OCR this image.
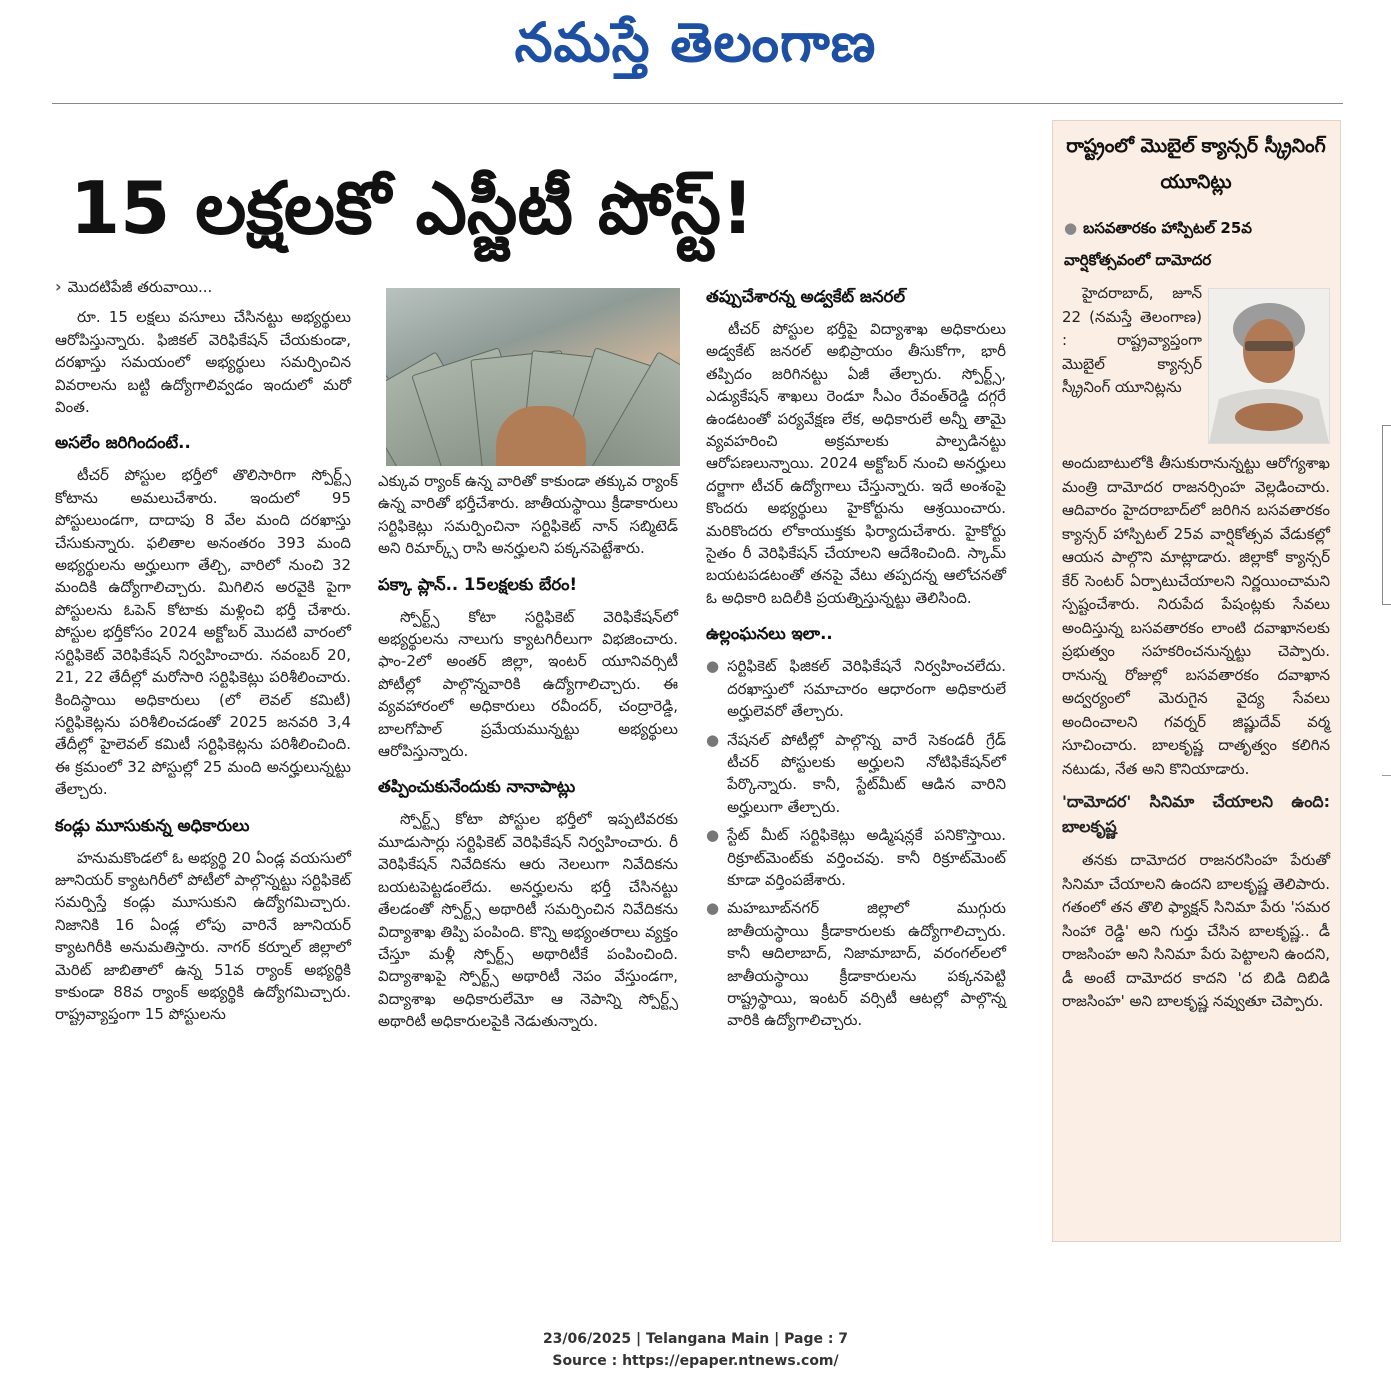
నమస్తే తెలంగాణ
15 లక్షలకో ఎస్జీటీ పోస్ట్!
› మొదటిపేజీ తరువాయి...

రూ. 15 లక్షలు వసూలు చేసినట్టు అభ్యర్థులు ఆరోపిస్తున్నారు. ఫిజికల్ వెరిఫికేషన్ చేయకుండా, దరఖాస్తు సమయంలో అభ్యర్థులు సమర్పించిన వివరాలను బట్టి ఉద్యోగాలివ్వడం ఇందులో మరో వింత.

అసలేం జరిగిందంటే..

టీచర్ పోస్టుల భర్తీలో తొలిసారిగా స్పోర్ట్స్ కోటాను అమలుచేశారు. ఇందులో 95 పోస్టులుండగా, దాదాపు 8 వేల మంది దరఖాస్తు చేసుకున్నారు. ఫలితాల అనంతరం 393 మంది అభ్యర్థులను అర్హులుగా తేల్చి, వారిలో నుంచి 32 మందికి ఉద్యోగాలిచ్చారు. మిగిలిన అరవైకి పైగా పోస్టులను ఓపెన్ కోటాకు మళ్లించి భర్తీ చేశారు. పోస్టుల భర్తీకోసం 2024 అక్టోబర్ మొదటి వారంలో సర్టిఫికెట్ వెరిఫికేషన్ నిర్వహించారు. నవంబర్ 20, 21, 22 తేదీల్లో మరోసారి సర్టిఫికెట్లు పరిశీలించారు. కిందిస్థాయి అధికారులు (లో లెవల్ కమిటీ) సర్టిఫికెట్లను పరిశీలించడంతో 2025 జనవరి 3,4 తేదీల్లో హైలెవల్ కమిటీ సర్టిఫికెట్లను పరిశీలించింది. ఈ క్రమంలో 32 పోస్టుల్లో 25 మంది అనర్హులున్నట్టు తేల్చారు.

కండ్లు మూసుకున్న అధికారులు

హనుమకొండలో ఓ అభ్యర్థి 20 ఏండ్ల వయసులో జూనియర్ క్యాటగిరీలో పోటీలో పాల్గొన్నట్టు సర్టిఫికెట్ సమర్పిస్తే కండ్లు మూసుకుని ఉద్యోగమిచ్చారు. నిజానికి 16 ఏండ్ల లోపు వారినే జూనియర్ క్యాటగిరీకి అనుమతిస్తారు. నాగర్ కర్నూల్ జిల్లాలో మెరిట్ జాబితాలో ఉన్న 51వ ర్యాంక్ అభ్యర్థికి కాకుండా 88వ ర్యాంక్ అభ్యర్థికి ఉద్యోగమిచ్చారు. రాష్ట్రవ్యాప్తంగా 15 పోస్టులను

ఎక్కువ ర్యాంక్ ఉన్న వారితో కాకుండా తక్కువ ర్యాంక్ ఉన్న వారితో భర్తీచేశారు. జాతీయస్థాయి క్రీడాకారులు సర్టిఫికెట్లు సమర్పించినా సర్టిఫికెట్ నాన్ సబ్మిటెడ్ అని రిమార్క్స్ రాసి అనర్హులని పక్కనపెట్టేశారు.

పక్కా ప్లాన్.. 15లక్షలకు బేరం!

స్పోర్ట్స్ కోటా సర్టిఫికెట్ వెరిఫికేషన్‌లో అభ్యర్థులను నాలుగు క్యాటగిరీలుగా విభజించారు. ఫాం-2లో అంతర్ జిల్లా, ఇంటర్ యూనివర్సిటీ పోటీల్లో పాల్గొన్నవారికి ఉద్యోగాలిచ్చారు. ఈ వ్యవహారంలో అధికారులు రవీందర్, చంద్రారెడ్డి, బాలగోపాల్ ప్రమేయమున్నట్టు అభ్యర్థులు ఆరోపిస్తున్నారు.

తప్పించుకునేందుకు నానాపాట్లు

స్పోర్ట్స్ కోటా పోస్టుల భర్తీలో ఇప్పటివరకు మూడుసార్లు సర్టిఫికెట్ వెరిఫికేషన్ నిర్వహించారు. రీ వెరిఫికేషన్ నివేదికను ఆరు నెలలుగా నివేదికను బయటపెట్టడంలేదు. అనర్హులను భర్తీ చేసినట్టు తేలడంతో స్పోర్ట్స్ అథారిటీ సమర్పించిన నివేదికను విద్యాశాఖ తిప్పి పంపింది. కొన్ని అభ్యంతరాలు వ్యక్తం చేస్తూ మళ్లీ స్పోర్ట్స్ అథారిటీకే పంపించింది. విద్యాశాఖపై స్పోర్ట్స్ అథారిటీ నెపం వేస్తుండగా, విద్యాశాఖ అధికారులేమో ఆ నెపాన్ని స్పోర్ట్స్ అథారిటీ అధికారులపైకి నెడుతున్నారు.

తప్పుచేశారన్న అడ్వకేట్ జనరల్

టీచర్ పోస్టుల భర్తీపై విద్యాశాఖ అధికారులు అడ్వకేట్ జనరల్ అభిప్రాయం తీసుకోగా, భారీ తప్పిదం జరిగినట్టు ఏజీ తేల్చారు. స్పోర్ట్స్, ఎడ్యుకేషన్ శాఖలు రెండూ సీఎం రేవంత్‌రెడ్డి దగ్గరే ఉండటంతో పర్యవేక్షణ లేక, అధికారులే అన్నీ తామై వ్యవహరించి అక్రమాలకు పాల్పడినట్టు ఆరోపణలున్నాయి. 2024 అక్టోబర్ నుంచి అనర్హులు దర్జాగా టీచర్ ఉద్యోగాలు చేస్తున్నారు. ఇదే అంశంపై కొందరు అభ్యర్థులు హైకోర్టును ఆశ్రయించారు. మరికొందరు లోకాయుక్తకు ఫిర్యాదుచేశారు. హైకోర్టు సైతం రీ వెరిఫికేషన్ చేయాలని ఆదేశించింది. స్కామ్ బయటపడటంతో తనపై వేటు తప్పదన్న ఆలోచనతో ఓ అధికారి బదిలీకి ప్రయత్నిస్తున్నట్టు తెలిసింది.

ఉల్లంఘనలు ఇలా..
● సర్టిఫికెట్ ఫిజికల్ వెరిఫికేషనే నిర్వహించలేదు. దరఖాస్తులో సమాచారం ఆధారంగా అధికారులే అర్హులెవరో తేల్చారు.
● నేషనల్ పోటీల్లో పాల్గొన్న వారే సెకండరీ గ్రేడ్ టీచర్ పోస్టులకు అర్హులని నోటిఫికేషన్‌లో పేర్కొన్నారు. కానీ, స్టేట్‌మీట్ ఆడిన వారిని అర్హులుగా తేల్చారు.
● స్టేట్ మీట్ సర్టిఫికెట్లు అడ్మిషన్లకే పనికొస్తాయి. రిక్రూట్‌మెంట్‌కు వర్తించవు. కానీ రిక్రూట్‌మెంట్ కూడా వర్తింపజేశారు.
● మహబూబ్‌నగర్ జిల్లాలో ముగ్గురు జాతీయస్థాయి క్రీడాకారులకు ఉద్యోగాలిచ్చారు. కానీ ఆదిలాబాద్, నిజామాబాద్, వరంగల్‌లలో జాతీయస్థాయి క్రీడాకారులను పక్కనపెట్టి రాష్ట్రస్థాయి, ఇంటర్ వర్సిటీ ఆటల్లో పాల్గొన్న వారికి ఉద్యోగాలిచ్చారు.
రాష్ట్రంలో మొబైల్ క్యాన్సర్ స్క్రీనింగ్ యూనిట్లు
● బసవతారకం హాస్పిటల్ 25వ వార్షికోత్సవంలో దామోదర

హైదరాబాద్, జూన్ 22 (నమస్తే తెలంగాణ) : రాష్ట్రవ్యాప్తంగా మొబైల్ క్యాన్సర్ స్క్రీనింగ్ యూనిట్లను

అందుబాటులోకి తీసుకురానున్నట్టు ఆరోగ్యశాఖ మంత్రి దామోదర రాజనర్సింహ వెల్లడించారు. ఆదివారం హైదరాబాద్‌లో జరిగిన బసవతారకం క్యాన్సర్ హాస్పిటల్ 25వ వార్షికోత్సవ వేడుకల్లో ఆయన పాల్గొని మాట్లాడారు. జిల్లాకో క్యాన్సర్ కేర్ సెంటర్ ఏర్పాటుచేయాలని నిర్ణయించామని స్పష్టంచేశారు. నిరుపేద పేషంట్లకు సేవలు అందిస్తున్న బసవతారకం లాంటి దవాఖానలకు ప్రభుత్వం సహకరించనున్నట్టు చెప్పారు. రానున్న రోజుల్లో బసవతారకం దవాఖాన అద్వర్యంలో మెరుగైన వైద్య సేవలు అందించాలని గవర్నర్ జిష్ణుదేవ్ వర్మ సూచించారు. బాలకృష్ణ దాతృత్వం కలిగిన నటుడు, నేత అని కొనియాడారు.

'దామోదర' సినిమా చేయాలని ఉంది: బాలకృష్ణ

తనకు దామోదర రాజనరసింహ పేరుతో సినిమా చేయాలని ఉందని బాలకృష్ణ తెలిపారు. గతంలో తన తొలి ఫ్యాక్షన్ సినిమా పేరు 'సమర సింహా రెడ్డి' అని గుర్తు చేసిన బాలకృష్ణ.. డీ రాజసింహ అని సినిమా పేరు పెట్టాలని ఉందని, డీ అంటే దామోదర కాదని 'ద బిడి దిబిడి రాజసింహ' అని బాలకృష్ణ నవ్వుతూ చెప్పారు.

23/06/2025 | Telangana Main | Page : 7
Source : https://epaper.ntnews.com/
